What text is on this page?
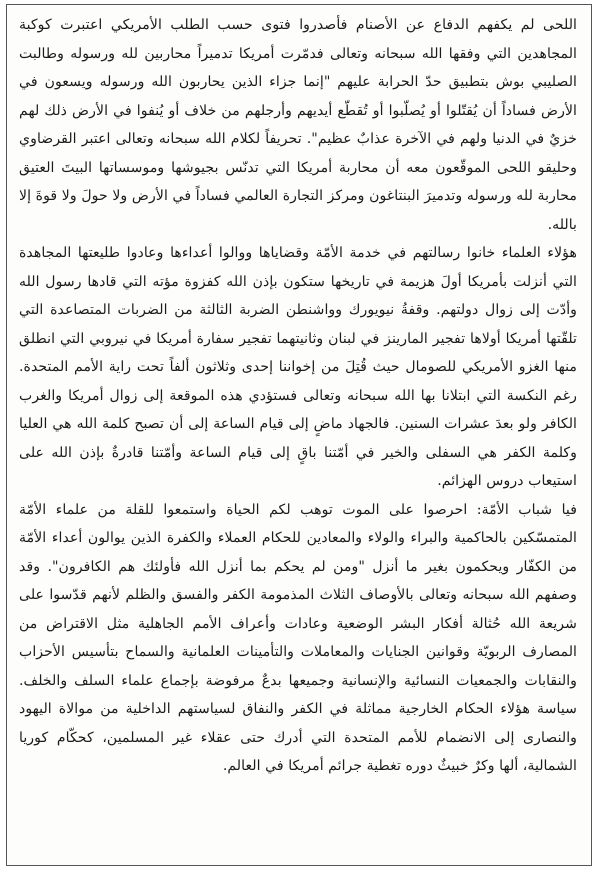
اللحى لم يكفهم الدفاع عن الأصنام فأصدروا فتوى حسب الطلب الأمريكي اعتبرت كوكبة المجاهدين التي وفقها الله سبحانه وتعالى فدمّرت أمريكا تدميراً محاربين لله ورسوله وطالبت الصليبي بوش بتطبيق حدّ الحرابة عليهم "إنما جزاء الذين يحاربون الله ورسوله ويسعون في الأرض فساداً أن يُقتّلوا أو يُصلّبوا أو تُقطّع أيديهم وأرجلهم من خلاف أو يُنفوا في الأرض ذلك لهم خزيٌ في الدنيا ولهم في الآخرة عذابٌ عظيم". تحريفاً لكلام الله سبحانه وتعالى اعتبر القرضاوي وحليقو اللحى الموقّعون معه أن محاربة أمريكا التي تدنّس بجيوشها وموسساتها البيتَ العتيق محاربة لله ورسوله وتدميرَ البنتاغون ومركز التجارة العالمي فساداً في الأرض ولا حولَ ولا قوةَ إلا بالله.

هؤلاء العلماء خانوا رسالتهم في خدمة الأمّة وقضاياها ووالوا أعداءها وعادوا طليعتها المجاهدة التي أنزلت بأمريكا أولَ هزيمة في تاريخها ستكون بإذن الله كفزوة مؤته التي قادها رسول الله وأدّت إلى زوال دولتهم. وقفةُ نيويورك وواشنطن الضربة الثالثة من الضربات المتصاعدة التي تلقّتها أمريكا أولاها تفجير المارينز في لبنان وثانيتهما تفجير سفارة أمريكا في نيروبي التي انطلق منها الغزو الأمريكي للصومال حيث قُتِلَ من إخواننا إحدى وثلاثون ألفاً تحت راية الأمم المتحدة. رغم النكسة التي ابتلانا بها الله سبحانه وتعالى فستؤدي هذه الموقعة إلى زوال أمريكا والغرب الكافر ولو بعدَ عشرات السنين. فالجهاد ماضٍ إلى قيام الساعة إلى أن تصبح كلمة الله هي العليا وكلمة الكفر هي السفلى والخير في أمّتنا باقٍ إلى قيام الساعة وأمّتنا قادرةٌ بإذن الله على استيعاب دروس الهزائم.

فيا شباب الأمّة: احرصوا على الموت توهب لكم الحياة واستمعوا للقلة من علماء الأمّة المتمسّكين بالحاكمية والبراء والولاء والمعادين للحكام العملاء والكفرة الذين يوالون أعداء الأمّة من الكفّار ويحكمون بغير ما أنزل "ومن لم يحكم بما أنزل الله فأولئك هم الكافرون". وقد وصفهم الله سبحانه وتعالى بالأوصاف الثلاث المذمومة الكفر والفسق والظلم لأنهم قدّسوا على شريعة الله حُثالة أفكار البشر الوضعية وعادات وأعراف الأمم الجاهلية مثل الاقتراض من المصارف الربويّة وقوانين الجنايات والمعاملات والتأمينات العلمانية والسماح بتأسيس الأحزاب والنقابات والجمعيات النسائية والإنسانية وجميعها بدعٌ مرفوضة بإجماع علماء السلف والخلف. سياسة هؤلاء الحكام الخارجية مماثلة في الكفر والنفاق لسياستهم الداخلية من موالاة اليهود والنصارى إلى الانضمام للأمم المتحدة التي أدرك حتى عقلاء غير المسلمين، كحكّام كوريا الشمالية، ألها وكرٌ خبيثٌ دوره تغطية جرائم أمريكا في العالم.
